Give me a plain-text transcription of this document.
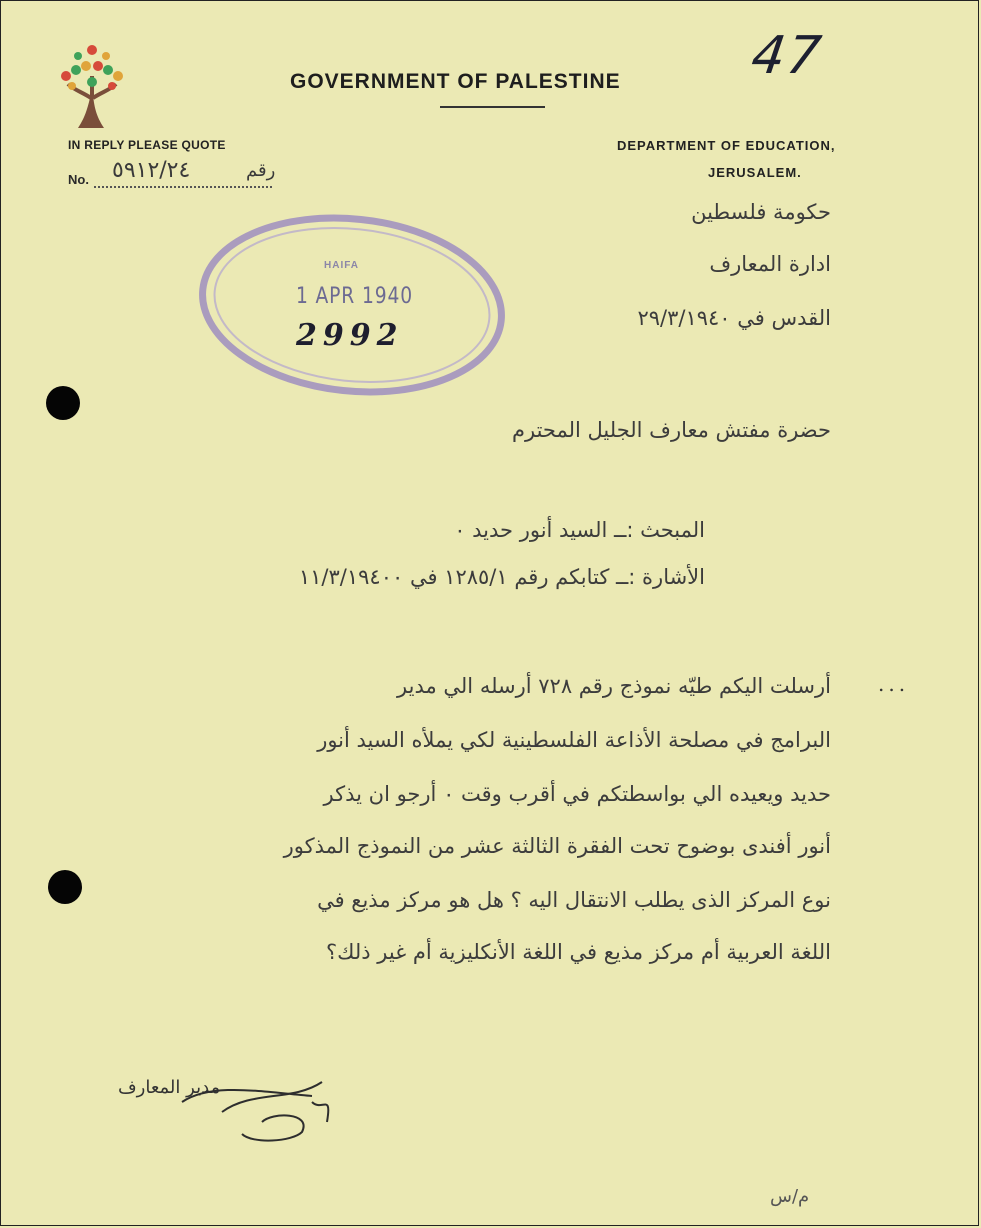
47
GOVERNMENT OF PALESTINE
IN REPLY PLEASE QUOTE
No. ٥٩١٢/٢٤	رقم
DEPARTMENT OF EDUCATION,
JERUSALEM.
حكومة فلسطين
ادارة المعارف
القدس في ٢٩/٣/١٩٤٠
HAIFA
1 APR 1940
2992
حضرة مفتش معارف الجليل المحترم
المبحث :ــ السيد أنور حديد ٠
الأشارة :ــ كتابكم رقم ١٢٨٥/١ في ١١/٣/١٩٤٠٠
...
أرسلت اليكم طيّه نموذج رقم ٧٢٨ أرسله الي مدير
البرامج في مصلحة الأذاعة الفلسطينية لكي يملأه السيد أنور
حديد ويعيده الي بواسطتكم في أقرب وقت ٠ أرجو ان يذكر
أنور أفندى بوضوح تحت الفقرة الثالثة عشر من النموذج المذكور
نوع المركز الذى يطلب الانتقال اليه ؟ هل هو مركز مذيع في
اللغة العربية أم مركز مذيع في اللغة الأنكليزية أم غير ذلك؟
مدير المعارف
م/س
